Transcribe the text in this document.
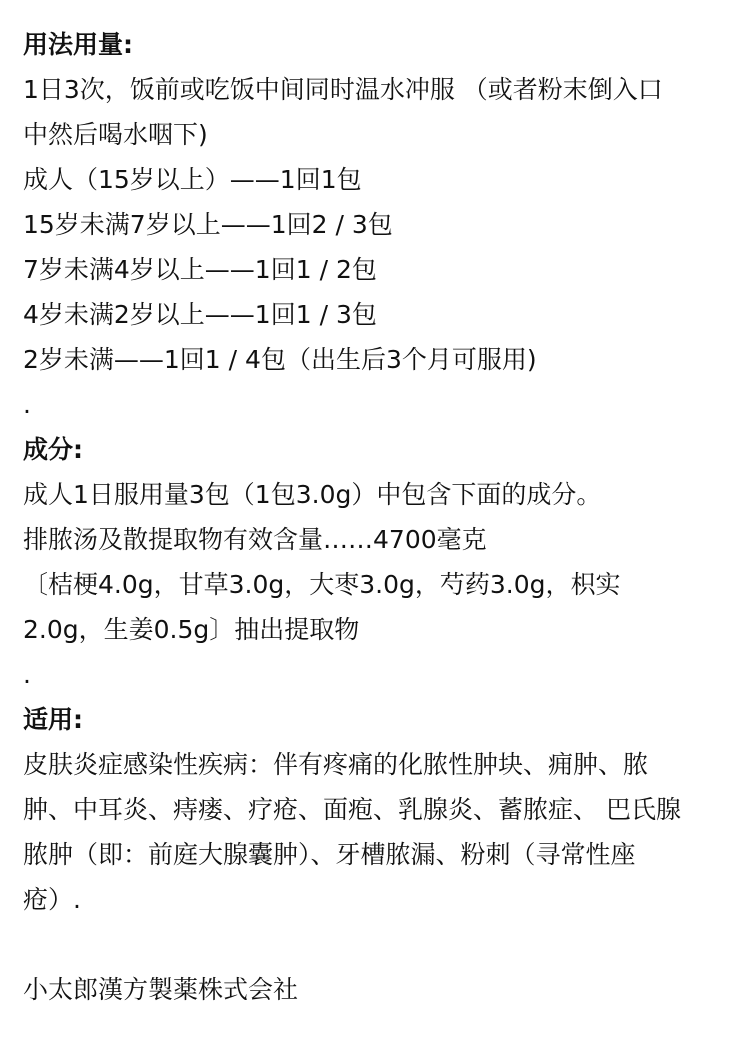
用法用量:
1日3次，饭前或吃饭中间同时温水冲服 （或者粉末倒入口
中然后喝水咽下)
成人（15岁以上）——1回1包
15岁未满7岁以上——1回2 / 3包
7岁未满4岁以上——1回1 / 2包
4岁未满2岁以上——1回1 / 3包
2岁未满——1回1 / 4包（出生后3个月可服用)
.
成分:
成人1日服用量3包（1包3.0g）中包含下面的成分。
排脓汤及散提取物有效含量……4700毫克
〔桔梗4.0g，甘草3.0g，大枣3.0g，芍药3.0g，枳实
2.0g，生姜0.5g〕抽出提取物
.
适用:
皮肤炎症感染性疾病：伴有疼痛的化脓性肿块、痈肿、脓
肿、中耳炎、痔瘘、疗疮、面疱、乳腺炎、蓄脓症、 巴氏腺
脓肿（即：前庭大腺囊肿）、牙槽脓漏、粉刺（寻常性座
疮）.
小太郎漢方製薬株式会社
